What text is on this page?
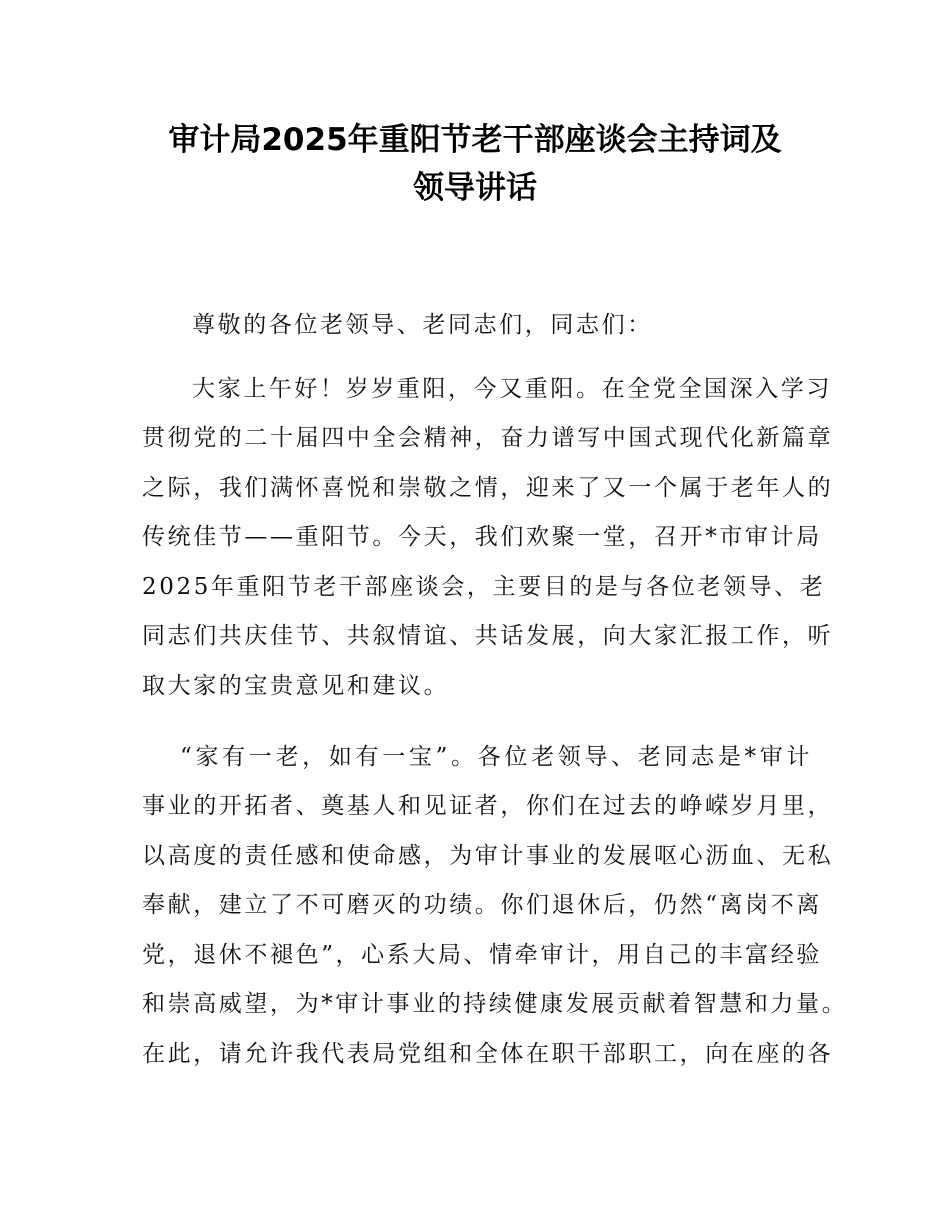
审计局2025年重阳节老干部座谈会主持词及
领导讲话
尊敬的各位老领导、老同志们，同志们：
大家上午好！岁岁重阳，今又重阳。在全党全国深入学习
贯彻党的二十届四中全会精神，奋力谱写中国式现代化新篇章
之际，我们满怀喜悦和崇敬之情，迎来了又一个属于老年人的
传统佳节——重阳节。今天，我们欢聚一堂，召开*市审计局
2025年重阳节老干部座谈会，主要目的是与各位老领导、老
同志们共庆佳节、共叙情谊、共话发展，向大家汇报工作，听
取大家的宝贵意见和建议。
“家有一老，如有一宝”。各位老领导、老同志是*审计
事业的开拓者、奠基人和见证者，你们在过去的峥嵘岁月里，
以高度的责任感和使命感，为审计事业的发展呕心沥血、无私
奉献，建立了不可磨灭的功绩。你们退休后，仍然“离岗不离
党，退休不褪色”，心系大局、情牵审计，用自己的丰富经验
和崇高威望，为*审计事业的持续健康发展贡献着智慧和力量。
在此，请允许我代表局党组和全体在职干部职工，向在座的各
